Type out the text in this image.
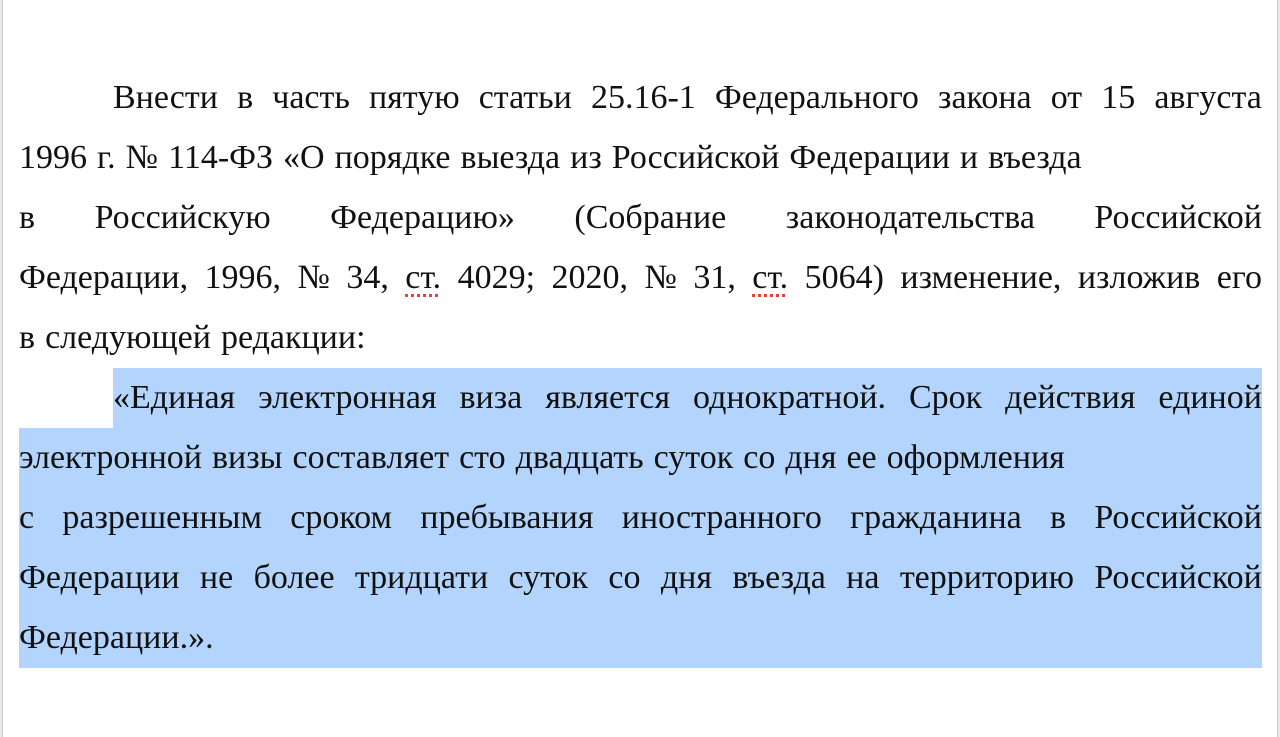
Внести в часть пятую статьи 25.16-1 Федерального закона от 15 августа
1996 г. № 114-ФЗ «О порядке выезда из Российской Федерации и въезда
в Российскую Федерацию» (Собрание законодательства Российской
Федерации, 1996, № 34, ст. 4029; 2020, № 31, ст. 5064) изменение, изложив его
в следующей редакции:
«Единая электронная виза является однократной. Срок действия единой
электронной визы составляет сто двадцать суток со дня ее оформления
с разрешенным сроком пребывания иностранного гражданина в Российской
Федерации не более тридцати суток со дня въезда на территорию Российской
Федерации.».
